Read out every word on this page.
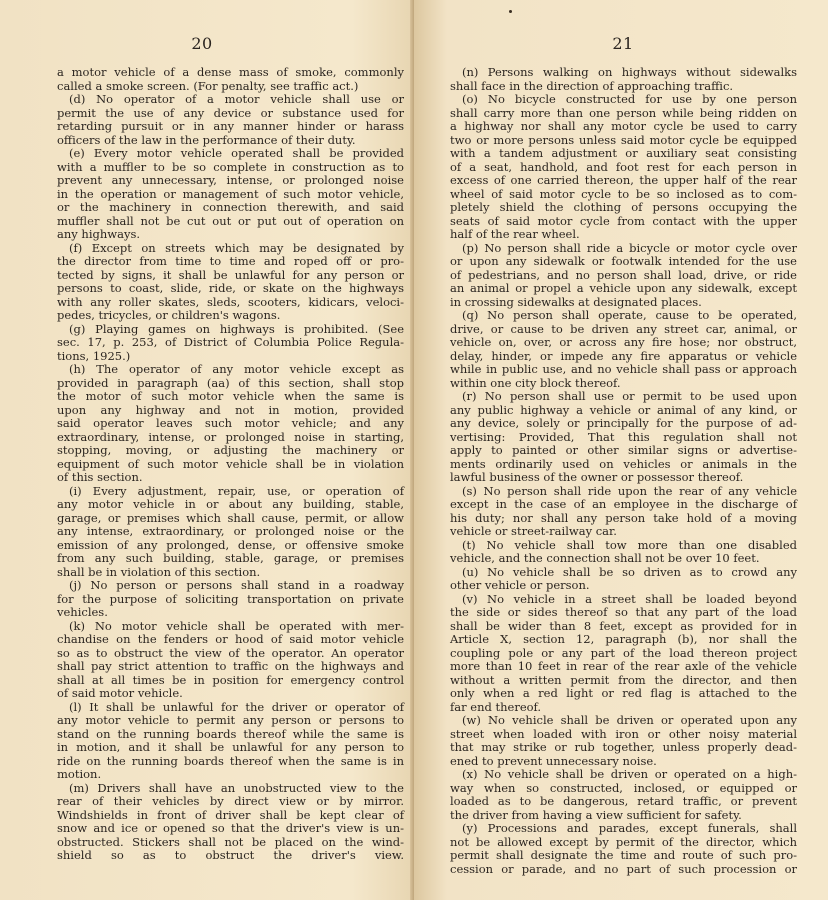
20
a motor vehicle of a dense mass of smoke, commonly
called a smoke screen. (For penalty, see traffic act.)
(d) No operator of a motor vehicle shall use or
permit the use of any device or substance used for
retarding pursuit or in any manner hinder or harass
officers of the law in the performance of their duty.
(e) Every motor vehicle operated shall be provided
with a muffler to be so complete in construction as to
prevent any unnecessary, intense, or prolonged noise
in the operation or management of such motor vehicle,
or the machinery in connection therewith, and said
muffler shall not be cut out or put out of operation on
any highways.
(f) Except on streets which may be designated by
the director from time to time and roped off or pro-
tected by signs, it shall be unlawful for any person or
persons to coast, slide, ride, or skate on the highways
with any roller skates, sleds, scooters, kidicars, veloci-
pedes, tricycles, or children's wagons.
(g) Playing games on highways is prohibited. (See
sec. 17, p. 253, of District of Columbia Police Regula-
tions, 1925.)
(h) The operator of any motor vehicle except as
provided in paragraph (aa) of this section, shall stop
the motor of such motor vehicle when the same is
upon any highway and not in motion, provided
said operator leaves such motor vehicle; and any
extraordinary, intense, or prolonged noise in starting,
stopping, moving, or adjusting the machinery or
equipment of such motor vehicle shall be in violation
of this section.
(i) Every adjustment, repair, use, or operation of
any motor vehicle in or about any building, stable,
garage, or premises which shall cause, permit, or allow
any intense, extraordinary, or prolonged noise or the
emission of any prolonged, dense, or offensive smoke
from any such building, stable, garage, or premises
shall be in violation of this section.
(j) No person or persons shall stand in a roadway
for the purpose of soliciting transportation on private
vehicles.
(k) No motor vehicle shall be operated with mer-
chandise on the fenders or hood of said motor vehicle
so as to obstruct the view of the operator. An operator
shall pay strict attention to traffic on the highways and
shall at all times be in position for emergency control
of said motor vehicle.
(l) It shall be unlawful for the driver or operator of
any motor vehicle to permit any person or persons to
stand on the running boards thereof while the same is
in motion, and it shall be unlawful for any person to
ride on the running boards thereof when the same is in
motion.
(m) Drivers shall have an unobstructed view to the
rear of their vehicles by direct view or by mirror.
Windshields in front of driver shall be kept clear of
snow and ice or opened so that the driver's view is un-
obstructed. Stickers shall not be placed on the wind-
shield so as to obstruct the driver's view.
21
(n) Persons walking on highways without sidewalks
shall face in the direction of approaching traffic.
(o) No bicycle constructed for use by one person
shall carry more than one person while being ridden on
a highway nor shall any motor cycle be used to carry
two or more persons unless said motor cycle be equipped
with a tandem adjustment or auxiliary seat consisting
of a seat, handhold, and foot rest for each person in
excess of one carried thereon, the upper half of the rear
wheel of said motor cycle to be so inclosed as to com-
pletely shield the clothing of persons occupying the
seats of said motor cycle from contact with the upper
half of the rear wheel.
(p) No person shall ride a bicycle or motor cycle over
or upon any sidewalk or footwalk intended for the use
of pedestrians, and no person shall load, drive, or ride
an animal or propel a vehicle upon any sidewalk, except
in crossing sidewalks at designated places.
(q) No person shall operate, cause to be operated,
drive, or cause to be driven any street car, animal, or
vehicle on, over, or across any fire hose; nor obstruct,
delay, hinder, or impede any fire apparatus or vehicle
while in public use, and no vehicle shall pass or approach
within one city block thereof.
(r) No person shall use or permit to be used upon
any public highway a vehicle or animal of any kind, or
any device, solely or principally for the purpose of ad-
vertising: Provided, That this regulation shall not
apply to painted or other similar signs or advertise-
ments ordinarily used on vehicles or animals in the
lawful business of the owner or possessor thereof.
(s) No person shall ride upon the rear of any vehicle
except in the case of an employee in the discharge of
his duty; nor shall any person take hold of a moving
vehicle or street-railway car.
(t) No vehicle shall tow more than one disabled
vehicle, and the connection shall not be over 10 feet.
(u) No vehicle shall be so driven as to crowd any
other vehicle or person.
(v) No vehicle in a street shall be loaded beyond
the side or sides thereof so that any part of the load
shall be wider than 8 feet, except as provided for in
Article X, section 12, paragraph (b), nor shall the
coupling pole or any part of the load thereon project
more than 10 feet in rear of the rear axle of the vehicle
without a written permit from the director, and then
only when a red light or red flag is attached to the
far end thereof.
(w) No vehicle shall be driven or operated upon any
street when loaded with iron or other noisy material
that may strike or rub together, unless properly dead-
ened to prevent unnecessary noise.
(x) No vehicle shall be driven or operated on a high-
way when so constructed, inclosed, or equipped or
loaded as to be dangerous, retard traffic, or prevent
the driver from having a view sufficient for safety.
(y) Processions and parades, except funerals, shall
not be allowed except by permit of the director, which
permit shall designate the time and route of such pro-
cession or parade, and no part of such procession or
